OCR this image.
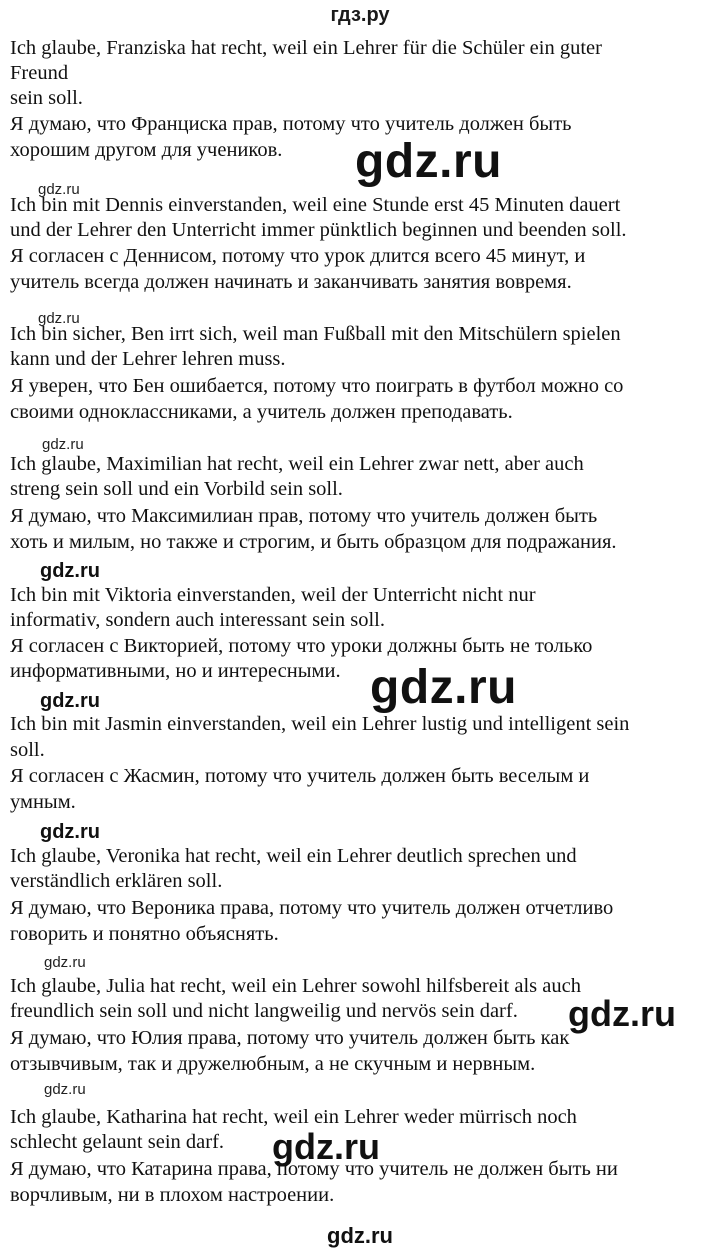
гдз.ру
Ich glaube, Franziska hat recht, weil ein Lehrer für die Schüler ein guter
Freund
sein soll.
Я думаю, что Франциска прав, потому что учитель должен быть
хорошим другом для учеников.
Ich bin mit Dennis einverstanden, weil eine Stunde erst 45 Minuten dauert
und der Lehrer den Unterricht immer pünktlich beginnen und beenden soll.
Я согласен с Деннисом, потому что урок длится всего 45 минут, и
учитель всегда должен начинать и заканчивать занятия вовремя.
Ich bin sicher, Ben irrt sich, weil man Fußball mit den Mitschülern spielen
kann und der Lehrer lehren muss.
Я уверен, что Бен ошибается, потому что поиграть в футбол можно со
своими одноклассниками, а учитель должен преподавать.
Ich glaube, Maximilian hat recht, weil ein Lehrer zwar nett, aber auch
streng sein soll und ein Vorbild sein soll.
Я думаю, что Максимилиан прав, потому что учитель должен быть
хоть и милым, но также и строгим, и быть образцом для подражания.
Ich bin mit Viktoria einverstanden, weil der Unterricht nicht nur
informativ, sondern auch interessant sein soll.
Я согласен с Викторией, потому что уроки должны быть не только
информативными, но и интересными.
Ich bin mit Jasmin einverstanden, weil ein Lehrer lustig und intelligent sein
soll.
Я согласен с Жасмин, потому что учитель должен быть веселым и
умным.
Ich glaube, Veronika hat recht, weil ein Lehrer deutlich sprechen und
verständlich erklären soll.
Я думаю, что Вероника права, потому что учитель должен отчетливо
говорить и понятно объяснять.
Ich glaube, Julia hat recht, weil ein Lehrer sowohl hilfsbereit als auch
freundlich sein soll und nicht langweilig und nervös sein darf.
Я думаю, что Юлия права, потому что учитель должен быть как
отзывчивым, так и дружелюбным, а не скучным и нервным.
Ich glaube, Katharina hat recht, weil ein Lehrer weder mürrisch noch
schlecht gelaunt sein darf.
Я думаю, что Катарина права, потому что учитель не должен быть ни
ворчливым, ни в плохом настроении.
gdz.ru
gdz.ru
gdz.ru
gdz.ru
gdz.ru
gdz.ru
gdz.ru
gdz.ru
gdz.ru
gdz.ru
gdz.ru
gdz.ru
gdz.ru
